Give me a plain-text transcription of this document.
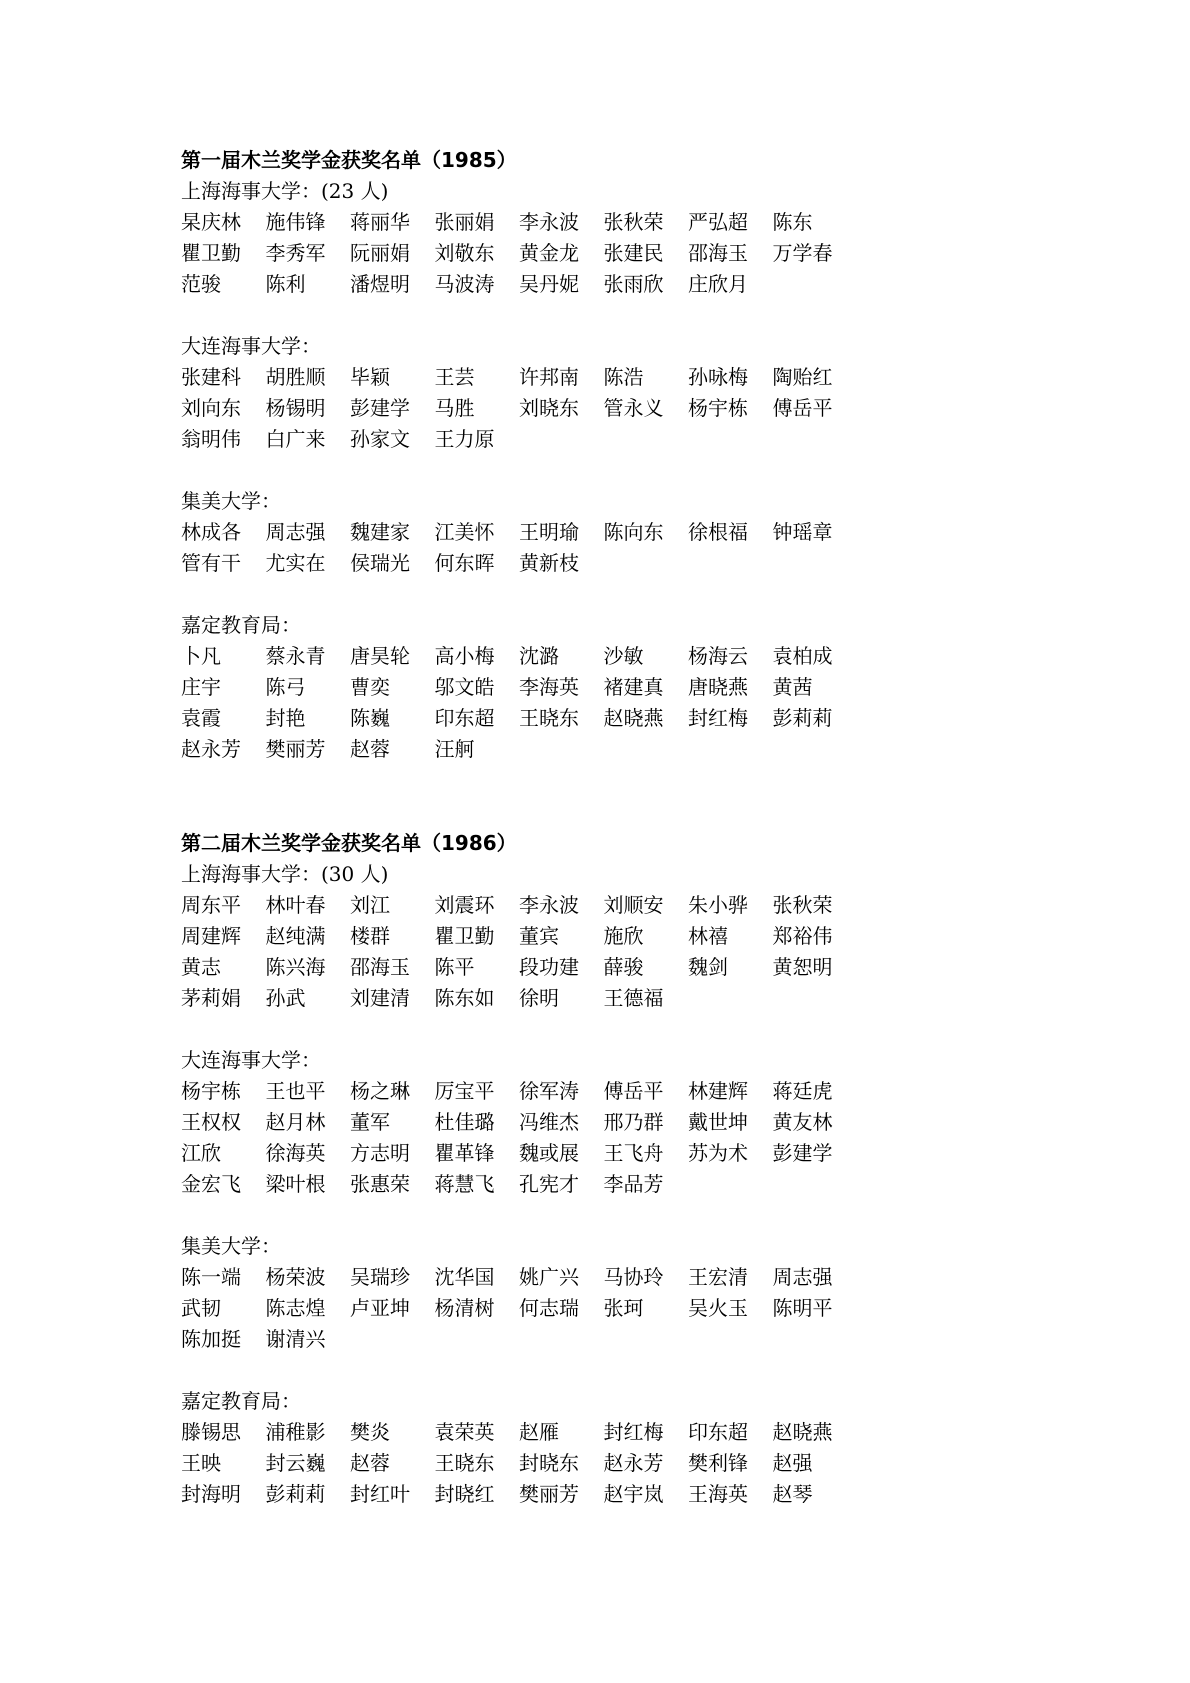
第一届木兰奖学金获奖名单（1985）
上海海事大学：(23 人)
杲庆林	施伟锋	蒋丽华	张丽娟	李永波	张秋荣	严弘超	陈东
瞿卫勤	李秀军	阮丽娟	刘敬东	黄金龙	张建民	邵海玉	万学春
范骏	陈利	潘煜明	马波涛	吴丹妮	张雨欣	庄欣月
大连海事大学：
张建科	胡胜顺	毕颖	王芸	许邦南	陈浩	孙咏梅	陶贻红
刘向东	杨锡明	彭建学	马胜	刘晓东	管永义	杨宇栋	傅岳平
翁明伟	白广来	孙家文	王力原
集美大学：
林成各	周志强	魏建家	江美怀	王明瑜	陈向东	徐根福	钟瑶章
管有干	尤实在	侯瑞光	何东晖	黄新枝
嘉定教育局：
卜凡	蔡永青	唐昊轮	高小梅	沈潞	沙敏	杨海云	袁柏成
庄宇	陈弓	曹奕	邬文皓	李海英	褚建真	唐晓燕	黄茜
袁霞	封艳	陈巍	印东超	王晓东	赵晓燕	封红梅	彭莉莉
赵永芳	樊丽芳	赵蓉	汪舸
第二届木兰奖学金获奖名单（1986）
上海海事大学：(30 人)
周东平	林叶春	刘江	刘震环	李永波	刘顺安	朱小骅	张秋荣
周建辉	赵纯满	楼群	瞿卫勤	董宾	施欣	林禧	郑裕伟
黄志	陈兴海	邵海玉	陈平	段功建	薛骏	魏剑	黄恕明
茅莉娟	孙武	刘建清	陈东如	徐明	王德福
大连海事大学：
杨宇栋	王也平	杨之琳	厉宝平	徐军涛	傅岳平	林建辉	蒋廷虎
王权权	赵月林	董军	杜佳璐	冯维杰	邢乃群	戴世坤	黄友林
江欣	徐海英	方志明	瞿革锋	魏或展	王飞舟	苏为术	彭建学
金宏飞	梁叶根	张惠荣	蒋慧飞	孔宪才	李品芳
集美大学：
陈一端	杨荣波	吴瑞珍	沈华国	姚广兴	马协玲	王宏清	周志强
武韧	陈志煌	卢亚坤	杨清树	何志瑞	张珂	吴火玉	陈明平
陈加挺	谢清兴
嘉定教育局：
滕锡思	浦稚影	樊炎	袁荣英	赵雁	封红梅	印东超	赵晓燕
王映	封云巍	赵蓉	王晓东	封晓东	赵永芳	樊利锋	赵强
封海明	彭莉莉	封红叶	封晓红	樊丽芳	赵宇岚	王海英	赵琴
